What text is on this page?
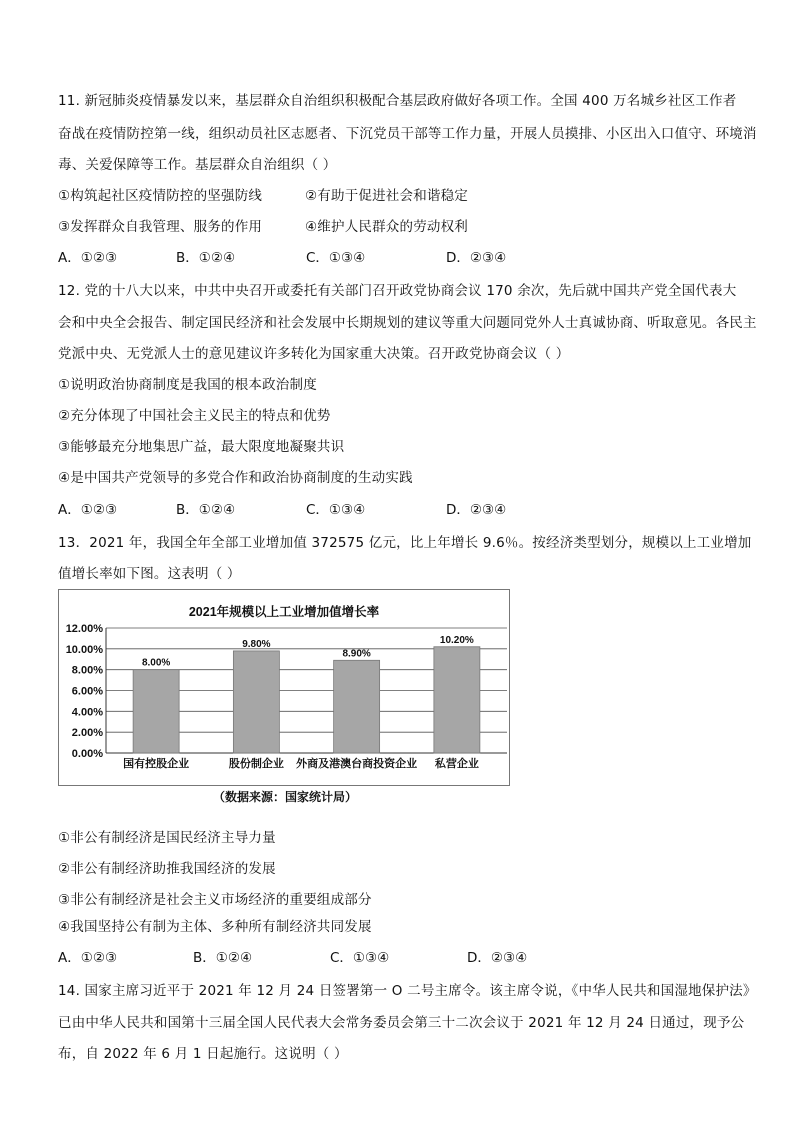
11. 新冠肺炎疫情暴发以来，基层群众自治组织积极配合基层政府做好各项工作。全国 400 万名城乡社区工作者
奋战在疫情防控第一线，组织动员社区志愿者、下沉党员干部等工作力量，开展人员摸排、小区出入口值守、环境消
毒、关爱保障等工作。基层群众自治组织（ ）
①构筑起社区疫情防控的坚强防线	②有助于促进社会和谐稳定
③发挥群众自我管理、服务的作用	④维护人民群众的劳动权利
A．①②③	B．①②④	C．①③④	D．②③④
12. 党的十八大以来，中共中央召开或委托有关部门召开政党协商会议 170 余次，先后就中国共产党全国代表大
会和中央全会报告、制定国民经济和社会发展中长期规划的建议等重大问题同党外人士真诚协商、听取意见。各民主
党派中央、无党派人士的意见建议许多转化为国家重大决策。召开政党协商会议（ ）
①说明政治协商制度是我国的根本政治制度
②充分体现了中国社会主义民主的特点和优势
③能够最充分地集思广益，最大限度地凝聚共识
④是中国共产党领导的多党合作和政治协商制度的生动实践
A．①②③	B．①②④	C．①③④	D．②③④
13．2021 年，我国全年全部工业增加值 372575 亿元，比上年增长 9.6％。按经济类型划分，规模以上工业增加
值增长率如下图。这表明（ ）
2021年规模以上工业增加值增长率
0.00%
2.00%
4.00%
6.00%
8.00%
10.00%
12.00%
8.00%
国有控股企业
9.80%
股份制企业
8.90%
外商及港澳台商投资企业
10.20%
私营企业
（数据来源：国家统计局）
①非公有制经济是国民经济主导力量
②非公有制经济助推我国经济的发展
③非公有制经济是社会主义市场经济的重要组成部分
④我国坚持公有制为主体、多种所有制经济共同发展
A．①②③	B．①②④	C．①③④	D．②③④
14. 国家主席习近平于 2021 年 12 月 24 日签署第一 O 二号主席令。该主席令说，《中华人民共和国湿地保护法》
已由中华人民共和国第十三届全国人民代表大会常务委员会第三十二次会议于 2021 年 12 月 24 日通过，现予公
布，自 2022 年 6 月 1 日起施行。这说明（ ）
